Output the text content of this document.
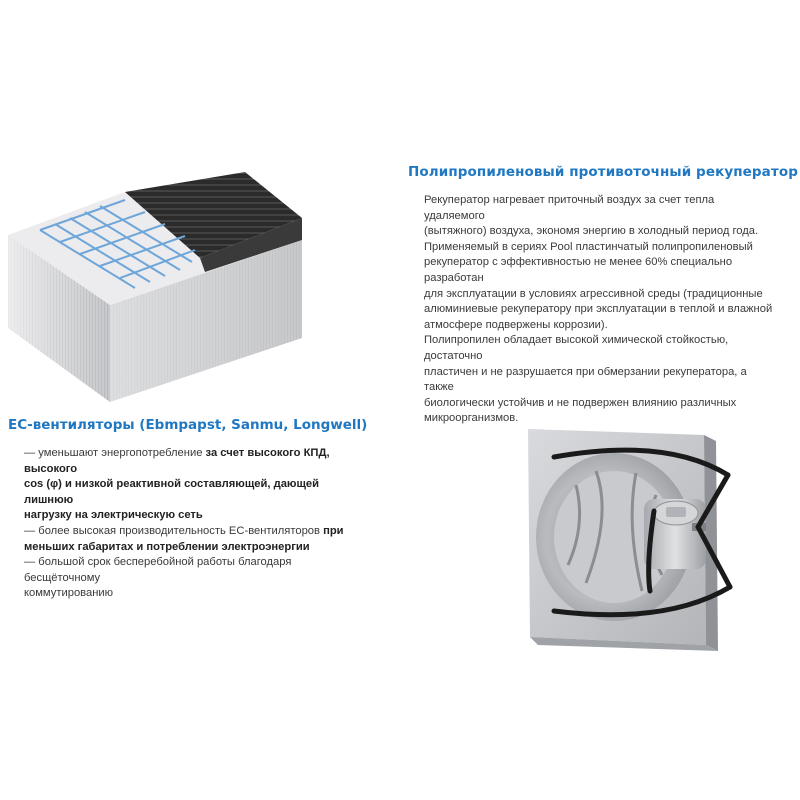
Полипропиленовый противоточный рекуператор

Рекуператор нагревает приточный воздух за счет тепла удаляемого
(вытяжного) воздуха, экономя энергию в холодный период года.
Применяемый в сериях Pool пластинчатый полипропиленовый
рекуператор с эффективностью не менее 60% специально разработан
для эксплуатации в условиях агрессивной среды (традиционные
алюминиевые рекуператору при эксплуатации в теплой и влажной
атмосфере подвержены коррозии).
Полипропилен обладает высокой химической стойкостью, достаточно
пластичен и не разрушается при обмерзании рекуператора, а также
биологически устойчив и не подвержен влиянию различных
микроорганизмов.

ЕС-вентиляторы (Ebmpapst, Sanmu, Longwell)
— уменьшают энергопотребление за счет высокого КПД, высокого
cos (φ) и низкой реактивной составляющей, дающей лишнюю
нагрузку на электрическую сеть
— более высокая производительность ЕС-вентиляторов при
меньших габаритах и потреблении электроэнергии
— большой срок бесперебойной работы благодаря бесщёточному
коммутированию
